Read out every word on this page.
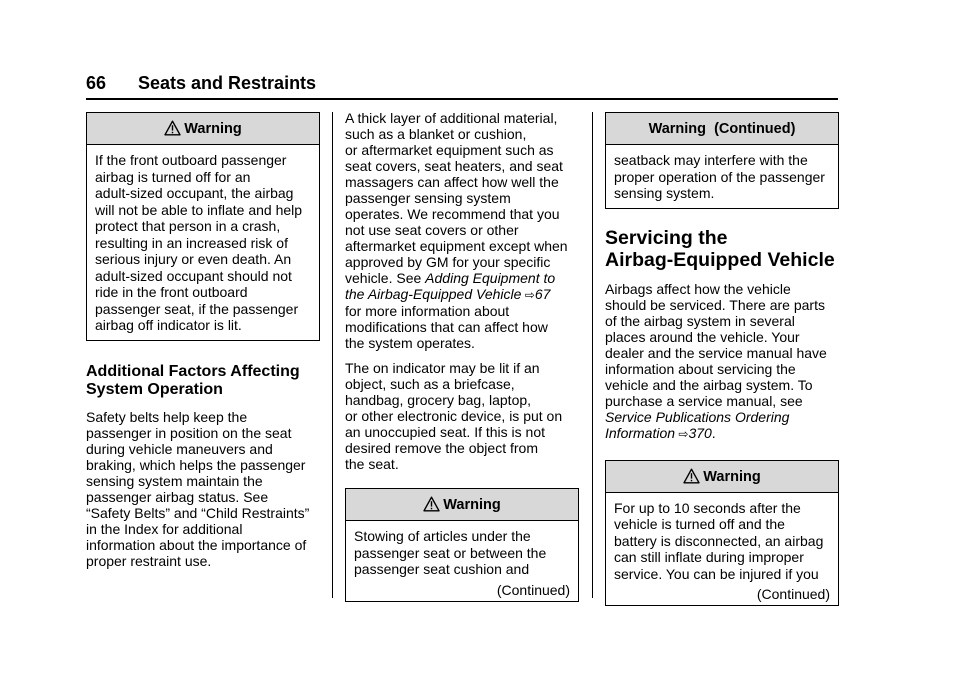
66 Seats and Restraints
Warning
If the front outboard passenger
airbag is turned off for an
adult-sized occupant, the airbag
will not be able to inflate and help
protect that person in a crash,
resulting in an increased risk of
serious injury or even death. An
adult-sized occupant should not
ride in the front outboard
passenger seat, if the passenger
airbag off indicator is lit.
Additional Factors Affecting
System Operation

Safety belts help keep the
passenger in position on the seat
during vehicle maneuvers and
braking, which helps the passenger
sensing system maintain the
passenger airbag status. See
“Safety Belts” and “Child Restraints”
in the Index for additional
information about the importance of
proper restraint use.

A thick layer of additional material,
such as a blanket or cushion,
or aftermarket equipment such as
seat covers, seat heaters, and seat
massagers can affect how well the
passenger sensing system
operates. We recommend that you
not use seat covers or other
aftermarket equipment except when
approved by GM for your specific
vehicle. See Adding Equipment to
the Airbag-Equipped Vehicle ⇨67
for more information about
modifications that can affect how
the system operates.

The on indicator may be lit if an
object, such as a briefcase,
handbag, grocery bag, laptop,
or other electronic device, is put on
an unoccupied seat. If this is not
desired remove the object from
the seat.

Warning
Stowing of articles under the
passenger seat or between the
passenger seat cushion and
(Continued)
Warning  (Continued)
seatback may interfere with the
proper operation of the passenger
sensing system.
Servicing the
Airbag-Equipped Vehicle

Airbags affect how the vehicle
should be serviced. There are parts
of the airbag system in several
places around the vehicle. Your
dealer and the service manual have
information about servicing the
vehicle and the airbag system. To
purchase a service manual, see
Service Publications Ordering
Information ⇨370.

Warning
For up to 10 seconds after the
vehicle is turned off and the
battery is disconnected, an airbag
can still inflate during improper
service. You can be injured if you
(Continued)
